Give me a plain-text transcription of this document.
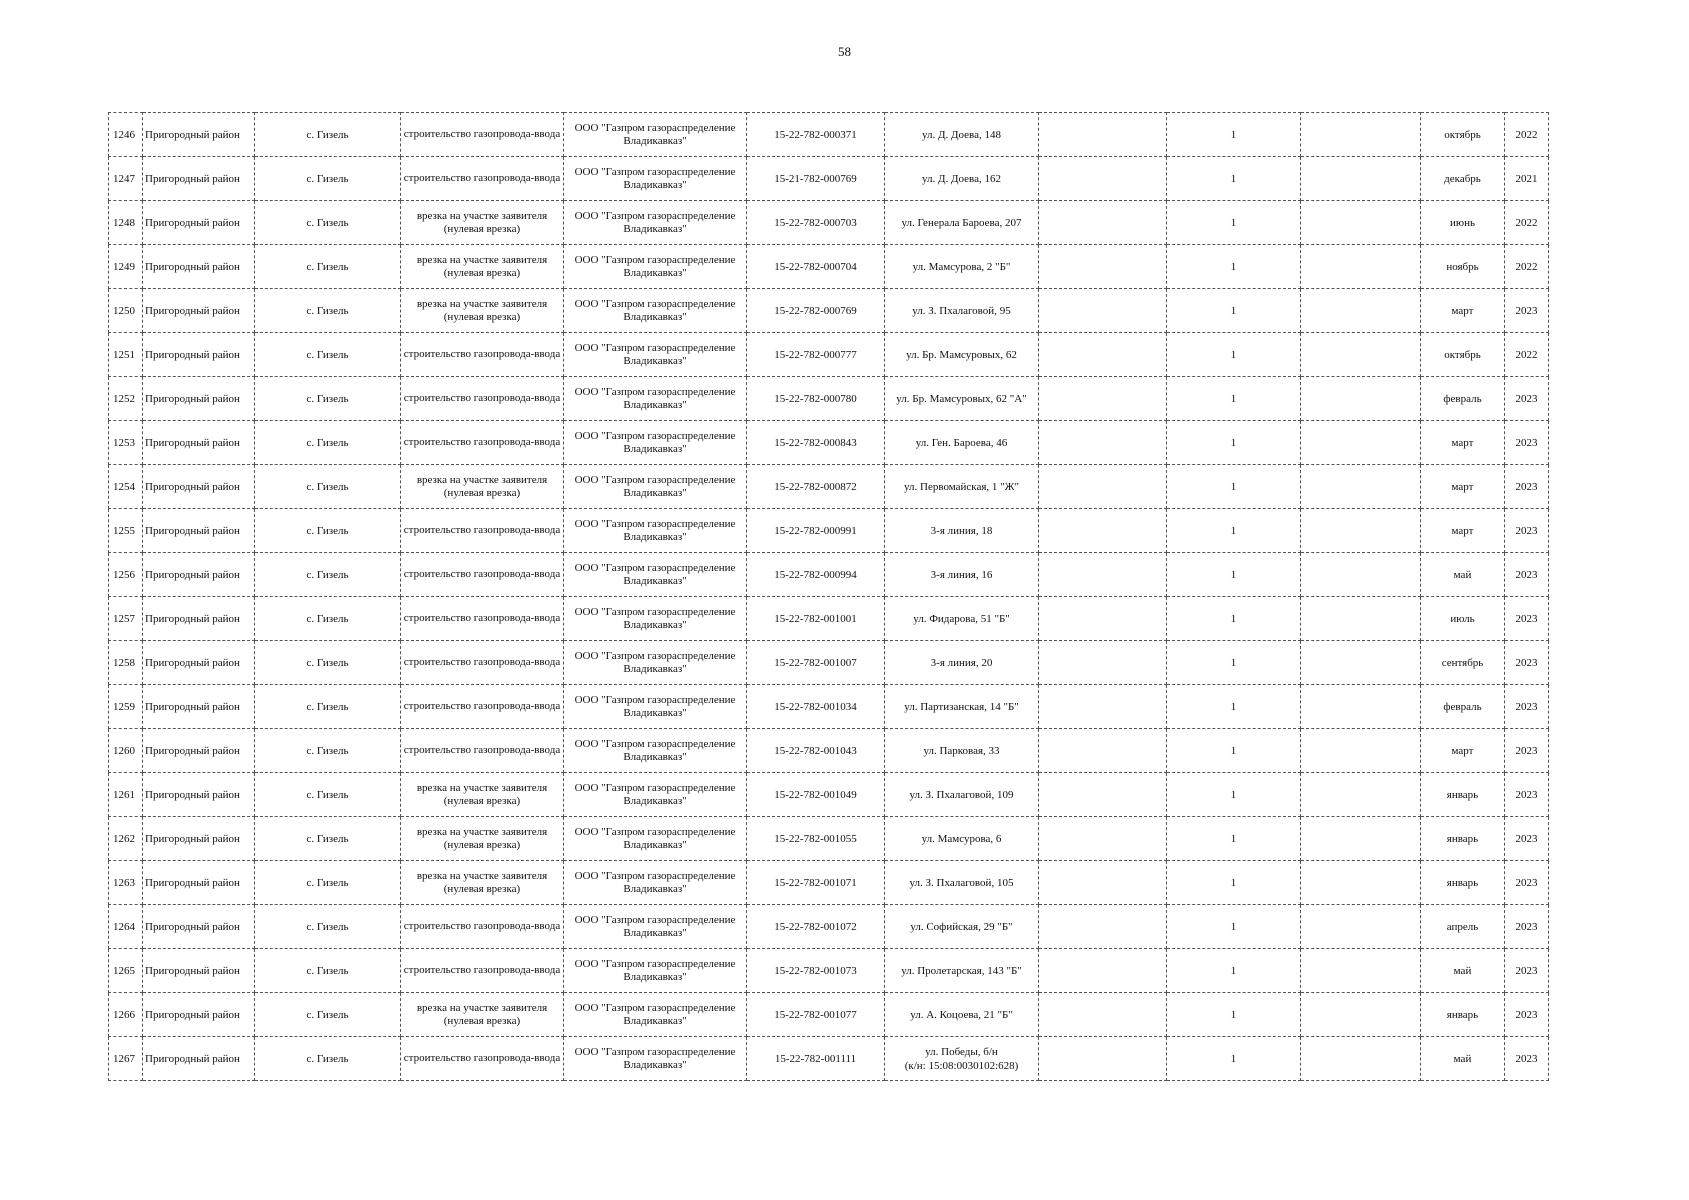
58
1246	Пригородный район	с. Гизель	строительство газопровода-ввода	ООО "Газпром газораспределение Владикавказ"	15-22-782-000371	ул. Д. Доева, 148		1		октябрь	2022
1247	Пригородный район	с. Гизель	строительство газопровода-ввода	ООО "Газпром газораспределение Владикавказ"	15-21-782-000769	ул. Д. Доева, 162		1		декабрь	2021
1248	Пригородный район	с. Гизель	врезка на участке заявителя (нулевая врезка)	ООО "Газпром газораспределение Владикавказ"	15-22-782-000703	ул. Генерала Бароева, 207		1		июнь	2022
1249	Пригородный район	с. Гизель	врезка на участке заявителя (нулевая врезка)	ООО "Газпром газораспределение Владикавказ"	15-22-782-000704	ул. Мамсурова, 2 "Б"		1		ноябрь	2022
1250	Пригородный район	с. Гизель	врезка на участке заявителя (нулевая врезка)	ООО "Газпром газораспределение Владикавказ"	15-22-782-000769	ул. З. Пхалаговой, 95		1		март	2023
1251	Пригородный район	с. Гизель	строительство газопровода-ввода	ООО "Газпром газораспределение Владикавказ"	15-22-782-000777	ул. Бр. Мамсуровых, 62		1		октябрь	2022
1252	Пригородный район	с. Гизель	строительство газопровода-ввода	ООО "Газпром газораспределение Владикавказ"	15-22-782-000780	ул. Бр. Мамсуровых, 62 "А"		1		февраль	2023
1253	Пригородный район	с. Гизель	строительство газопровода-ввода	ООО "Газпром газораспределение Владикавказ"	15-22-782-000843	ул. Ген. Бароева, 46		1		март	2023
1254	Пригородный район	с. Гизель	врезка на участке заявителя (нулевая врезка)	ООО "Газпром газораспределение Владикавказ"	15-22-782-000872	ул. Первомайская, 1 "Ж"		1		март	2023
1255	Пригородный район	с. Гизель	строительство газопровода-ввода	ООО "Газпром газораспределение Владикавказ"	15-22-782-000991	3-я линия, 18		1		март	2023
1256	Пригородный район	с. Гизель	строительство газопровода-ввода	ООО "Газпром газораспределение Владикавказ"	15-22-782-000994	3-я линия, 16		1		май	2023
1257	Пригородный район	с. Гизель	строительство газопровода-ввода	ООО "Газпром газораспределение Владикавказ"	15-22-782-001001	ул. Фидарова, 51 "Б"		1		июль	2023
1258	Пригородный район	с. Гизель	строительство газопровода-ввода	ООО "Газпром газораспределение Владикавказ"	15-22-782-001007	3-я линия, 20		1		сентябрь	2023
1259	Пригородный район	с. Гизель	строительство газопровода-ввода	ООО "Газпром газораспределение Владикавказ"	15-22-782-001034	ул. Партизанская, 14 "Б"		1		февраль	2023
1260	Пригородный район	с. Гизель	строительство газопровода-ввода	ООО "Газпром газораспределение Владикавказ"	15-22-782-001043	ул. Парковая, 33		1		март	2023
1261	Пригородный район	с. Гизель	врезка на участке заявителя (нулевая врезка)	ООО "Газпром газораспределение Владикавказ"	15-22-782-001049	ул. З. Пхалаговой, 109		1		январь	2023
1262	Пригородный район	с. Гизель	врезка на участке заявителя (нулевая врезка)	ООО "Газпром газораспределение Владикавказ"	15-22-782-001055	ул. Мамсурова, 6		1		январь	2023
1263	Пригородный район	с. Гизель	врезка на участке заявителя (нулевая врезка)	ООО "Газпром газораспределение Владикавказ"	15-22-782-001071	ул. З. Пхалаговой, 105		1		январь	2023
1264	Пригородный район	с. Гизель	строительство газопровода-ввода	ООО "Газпром газораспределение Владикавказ"	15-22-782-001072	ул. Софийская, 29 "Б"		1		апрель	2023
1265	Пригородный район	с. Гизель	строительство газопровода-ввода	ООО "Газпром газораспределение Владикавказ"	15-22-782-001073	ул. Пролетарская, 143 "Б"		1		май	2023
1266	Пригородный район	с. Гизель	врезка на участке заявителя (нулевая врезка)	ООО "Газпром газораспределение Владикавказ"	15-22-782-001077	ул. А. Коцоева, 21 "Б"		1		январь	2023
1267	Пригородный район	с. Гизель	строительство газопровода-ввода	ООО "Газпром газораспределение Владикавказ"	15-22-782-001111	ул. Победы, б/н
(к/н: 15:08:0030102:628)		1		май	2023
